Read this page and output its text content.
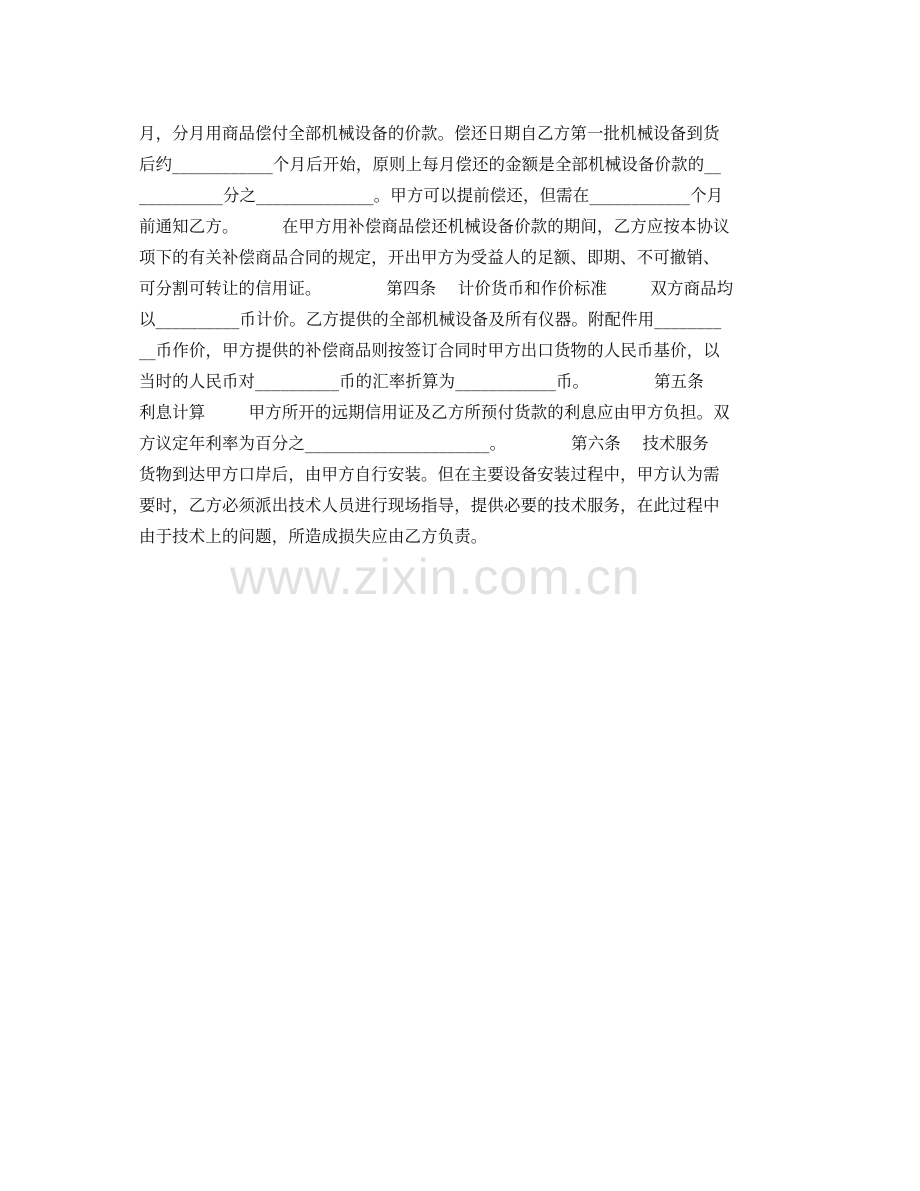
月，分月用商品偿付全部机械设备的价款。偿还日期自乙方第一批机械设备到货
后约____________个月后开始，原则上每月偿还的金额是全部机械设备价款的__
__________分之______________。甲方可以提前偿还，但需在____________个月
前通知乙方。        在甲方用补偿商品偿还机械设备价款的期间，乙方应按本协议
项下的有关补偿商品合同的规定，开出甲方为受益人的足额、即期、不可撤销、
可分割可转让的信用证。            第四条    计价货币和作价标准        双方商品均
以__________币计价。乙方提供的全部机械设备及所有仪器。附配件用________
__币作价，甲方提供的补偿商品则按签订合同时甲方出口货物的人民币基价，以
当时的人民币对__________币的汇率折算为____________币。            第五条
利息计算        甲方所开的远期信用证及乙方所预付货款的利息应由甲方负担。双
方议定年利率为百分之______________________。            第六条    技术服务
货物到达甲方口岸后，由甲方自行安装。但在主要设备安装过程中，甲方认为需
要时，乙方必须派出技术人员进行现场指导，提供必要的技术服务，在此过程中
由于技术上的问题，所造成损失应由乙方负责。
www.zixin.com.cn
